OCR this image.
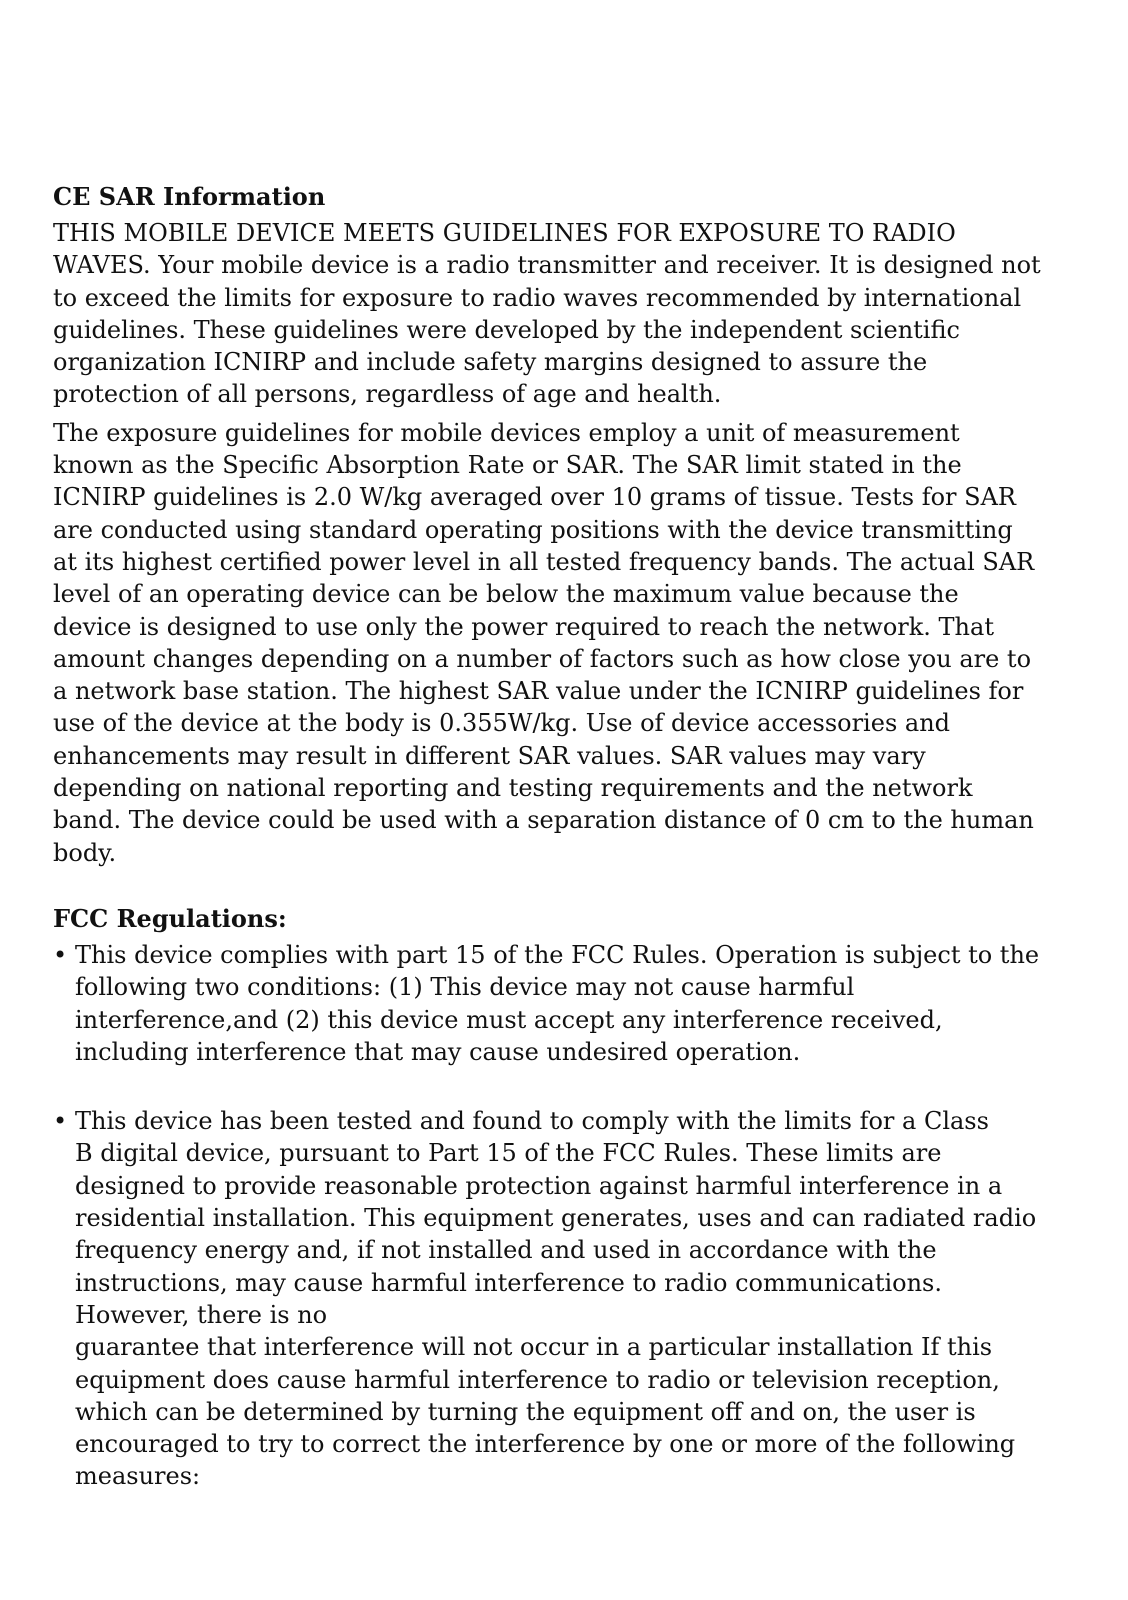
CE SAR Information
THIS MOBILE DEVICE MEETS GUIDELINES FOR EXPOSURE TO RADIO
WAVES. Your mobile device is a radio transmitter and receiver. It is designed not
to exceed the limits for exposure to radio waves recommended by international
guidelines. These guidelines were developed by the independent scientific
organization ICNIRP and include safety margins designed to assure the
protection of all persons, regardless of age and health.
The exposure guidelines for mobile devices employ a unit of measurement
known as the Specific Absorption Rate or SAR. The SAR limit stated in the
ICNIRP guidelines is 2.0 W/kg averaged over 10 grams of tissue. Tests for SAR
are conducted using standard operating positions with the device transmitting
at its highest certified power level in all tested frequency bands. The actual SAR
level of an operating device can be below the maximum value because the
device is designed to use only the power required to reach the network. That
amount changes depending on a number of factors such as how close you are to
a network base station. The highest SAR value under the ICNIRP guidelines for
use of the device at the body is 0.355W/kg. Use of device accessories and
enhancements may result in different SAR values. SAR values may vary
depending on national reporting and testing requirements and the network
band. The device could be used with a separation distance of 0 cm to the human
body.
FCC Regulations:
• This device complies with part 15 of the FCC Rules. Operation is subject to the
following two conditions: (1) This device may not cause harmful
interference,and (2) this device must accept any interference received,
including interference that may cause undesired operation.
• This device has been tested and found to comply with the limits for a Class
B digital device, pursuant to Part 15 of the FCC Rules. These limits are
designed to provide reasonable protection against harmful interference in a
residential installation. This equipment generates, uses and can radiated radio
frequency energy and, if not installed and used in accordance with the
instructions, may cause harmful interference to radio communications.
However, there is no
guarantee that interference will not occur in a particular installation If this
equipment does cause harmful interference to radio or television reception,
which can be determined by turning the equipment off and on, the user is
encouraged to try to correct the interference by one or more of the following
measures:
